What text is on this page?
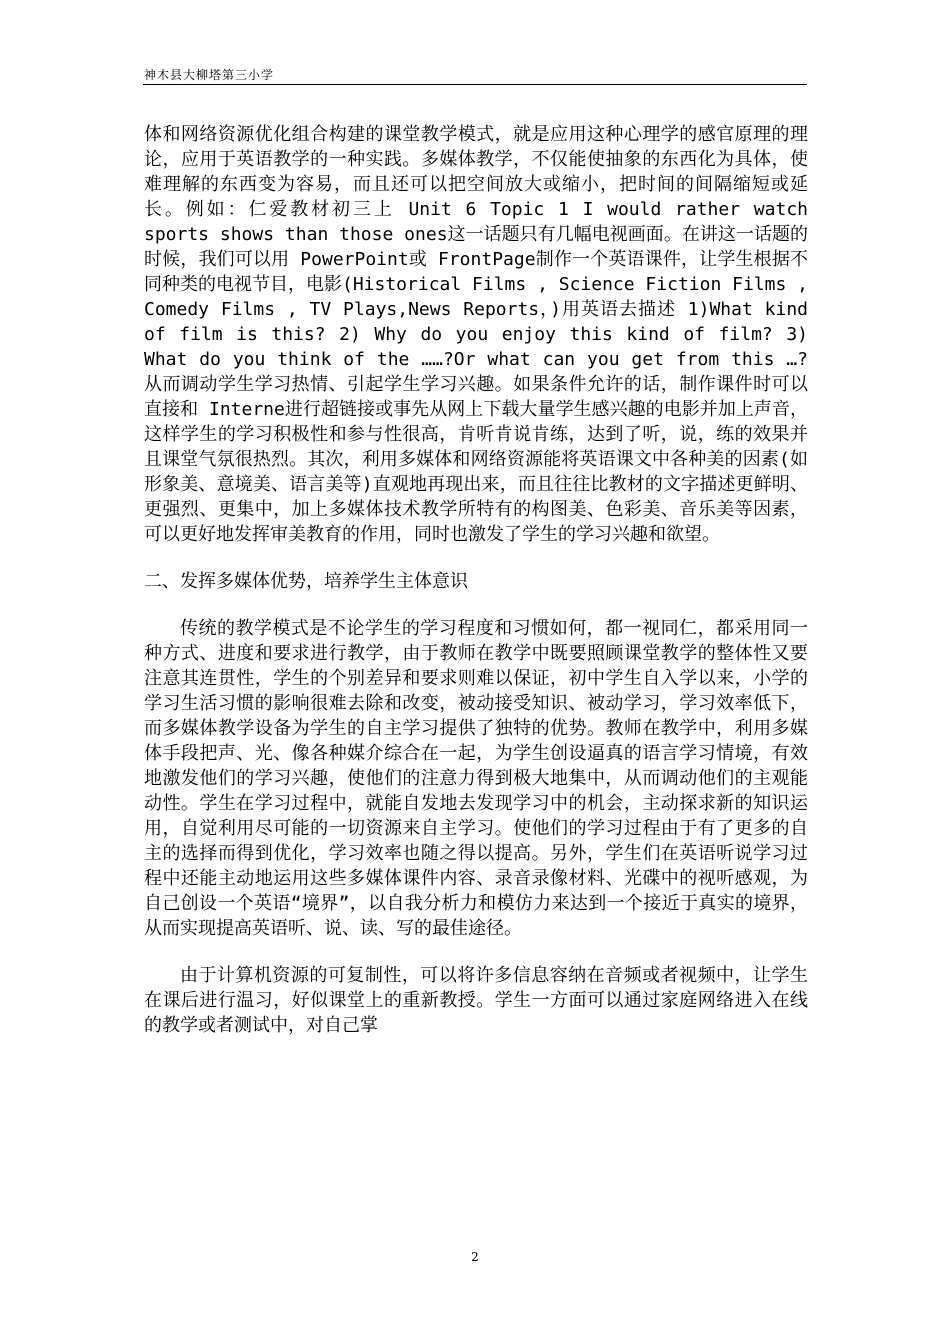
神木县大柳塔第三小学

体和网络资源优化组合构建的课堂教学模式，就是应用这种心理学的感官原理的理论，应用于英语教学的一种实践。多媒体教学，不仅能使抽象的东西化为具体，使难理解的东西变为容易，而且还可以把空间放大或缩小，把时间的间隔缩短或延长。例如：仁爱教材初三上 Unit 6 Topic 1 I would rather watch sports shows than those ones这一话题只有几幅电视画面。在讲这一话题的时候，我们可以用 PowerPoint或 FrontPage制作一个英语课件，让学生根据不同种类的电视节目，电影(Historical Films , Science Fiction Films , Comedy Films , TV Plays,News Reports，)用英语去描述 1)What kind of film is this? 2) Why do you enjoy this kind of film? 3) What do you think of the ……?Or what can you get from this …?从而调动学生学习热情、引起学生学习兴趣。如果条件允许的话，制作课件时可以直接和 Interne进行超链接或事先从网上下载大量学生感兴趣的电影并加上声音，这样学生的学习积极性和参与性很高，肯听肯说肯练，达到了听，说，练的效果并且课堂气氛很热烈。其次，利用多媒体和网络资源能将英语课文中各种美的因素(如形象美、意境美、语言美等)直观地再现出来，而且往往比教材的文字描述更鲜明、更强烈、更集中，加上多媒体技术教学所特有的构图美、色彩美、音乐美等因素，可以更好地发挥审美教育的作用，同时也激发了学生的学习兴趣和欲望。

二、发挥多媒体优势，培养学生主体意识

传统的教学模式是不论学生的学习程度和习惯如何，都一视同仁，都采用同一种方式、进度和要求进行教学，由于教师在教学中既要照顾课堂教学的整体性又要注意其连贯性，学生的个别差异和要求则难以保证，初中学生自入学以来，小学的学习生活习惯的影响很难去除和改变，被动接受知识、被动学习，学习效率低下，而多媒体教学设备为学生的自主学习提供了独特的优势。教师在教学中，利用多媒体手段把声、光、像各种媒介综合在一起，为学生创设逼真的语言学习情境，有效地激发他们的学习兴趣，使他们的注意力得到极大地集中，从而调动他们的主观能动性。学生在学习过程中，就能自发地去发现学习中的机会，主动探求新的知识运用，自觉利用尽可能的一切资源来自主学习。使他们的学习过程由于有了更多的自主的选择而得到优化，学习效率也随之得以提高。另外，学生们在英语听说学习过程中还能主动地运用这些多媒体课件内容、录音录像材料、光碟中的视听感观，为自己创设一个英语“境界”，以自我分析力和模仿力来达到一个接近于真实的境界，从而实现提高英语听、说、读、写的最佳途径。

由于计算机资源的可复制性，可以将许多信息容纳在音频或者视频中，让学生在课后进行温习，好似课堂上的重新教授。学生一方面可以通过家庭网络进入在线的教学或者测试中，对自己掌

2
